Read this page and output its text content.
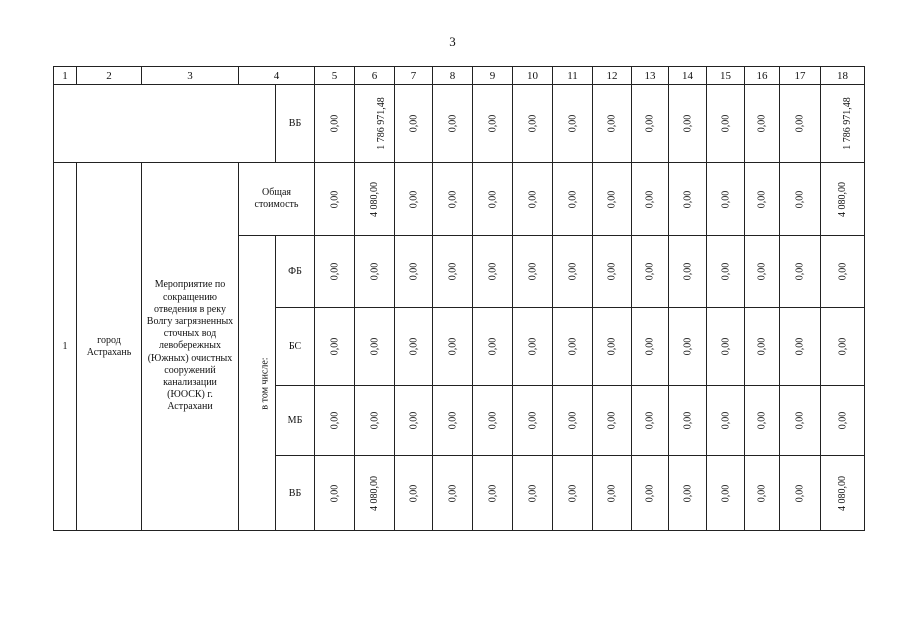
3
1	2	3	4		5	6	7	8	9	10	11	12	13	14	15	16	17	18
				ВБ	0,00	1 786 971,48	0,00	0,00	0,00	0,00	0,00	0,00	0,00	0,00	0,00	0,00	0,00	1 786 971,48

1	город Астрахань	Мероприятие по сокращению отведения в реку Волгу загрязненных сточных вод левобережных (Южных) очистных сооружений канализации (ЮОСК) г. Астрахани	Общая стоимость		0,00	4 080,00	0,00	0,00	0,00	0,00	0,00	0,00	0,00	0,00	0,00	0,00	0,00	4 080,00
			в том числе:	ФБ	0,00	0,00	0,00	0,00	0,00	0,00	0,00	0,00	0,00	0,00	0,00	0,00	0,00	0,00
				БС	0,00	0,00	0,00	0,00	0,00	0,00	0,00	0,00	0,00	0,00	0,00	0,00	0,00	0,00
				МБ	0,00	0,00	0,00	0,00	0,00	0,00	0,00	0,00	0,00	0,00	0,00	0,00	0,00	0,00
				ВБ	0,00	4 080,00	0,00	0,00	0,00	0,00	0,00	0,00	0,00	0,00	0,00	0,00	0,00	4 080,00
